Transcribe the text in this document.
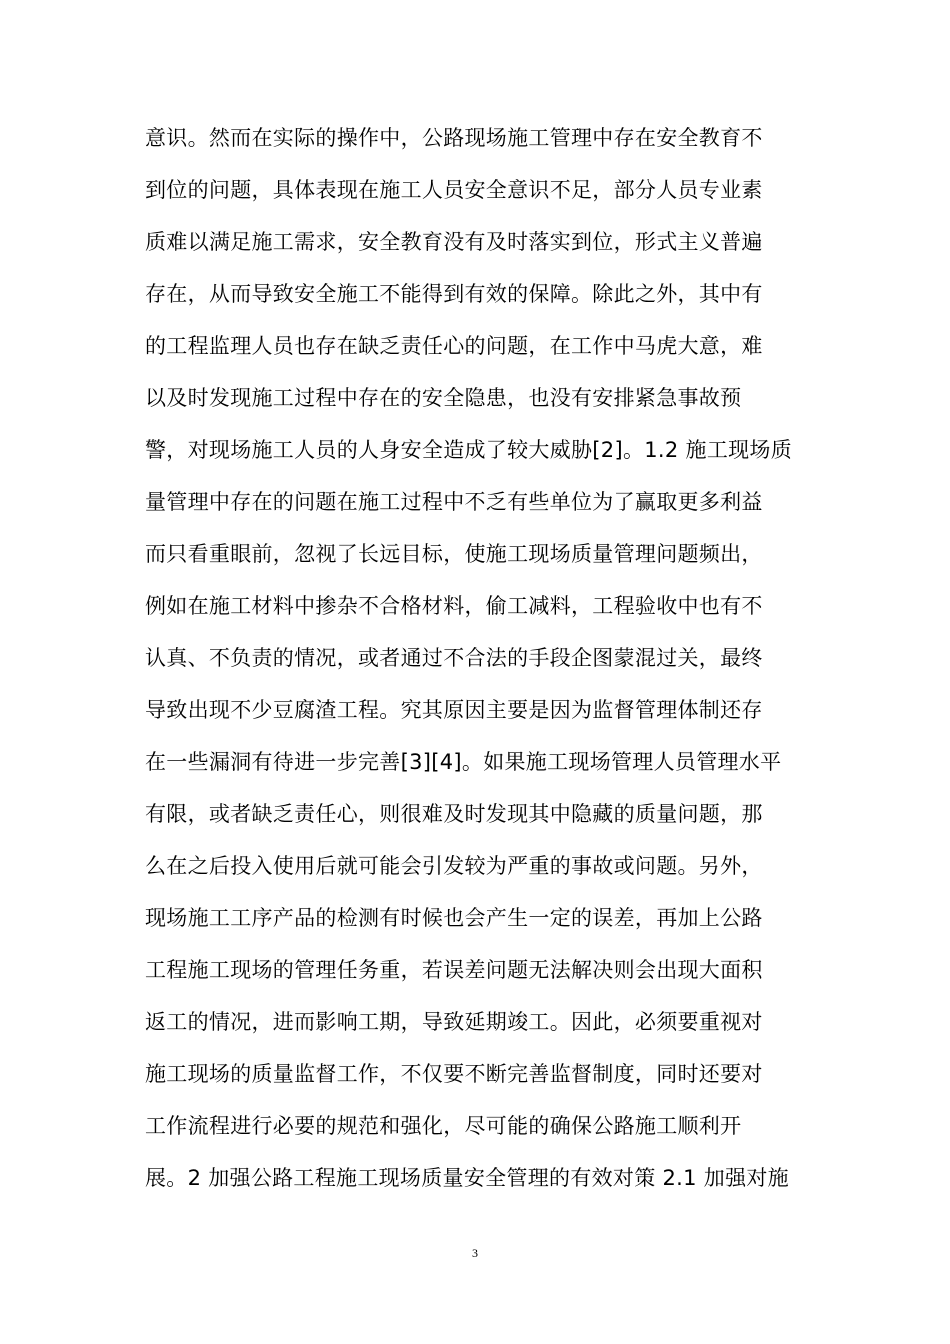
意识。然而在实际的操作中，公路现场施工管理中存在安全教育不
到位的问题，具体表现在施工人员安全意识不足，部分人员专业素
质难以满足施工需求，安全教育没有及时落实到位，形式主义普遍
存在，从而导致安全施工不能得到有效的保障。除此之外，其中有
的工程监理人员也存在缺乏责任心的问题，在工作中马虎大意，难
以及时发现施工过程中存在的安全隐患，也没有安排紧急事故预
警，对现场施工人员的人身安全造成了较大威胁[2]。1.2 施工现场质
量管理中存在的问题在施工过程中不乏有些单位为了赢取更多利益
而只看重眼前，忽视了长远目标，使施工现场质量管理问题频出，
例如在施工材料中掺杂不合格材料，偷工减料，工程验收中也有不
认真、不负责的情况，或者通过不合法的手段企图蒙混过关，最终
导致出现不少豆腐渣工程。究其原因主要是因为监督管理体制还存
在一些漏洞有待进一步完善[3][4]。如果施工现场管理人员管理水平
有限，或者缺乏责任心，则很难及时发现其中隐藏的质量问题，那
么在之后投入使用后就可能会引发较为严重的事故或问题。另外，
现场施工工序产品的检测有时候也会产生一定的误差，再加上公路
工程施工现场的管理任务重，若误差问题无法解决则会出现大面积
返工的情况，进而影响工期，导致延期竣工。因此，必须要重视对
施工现场的质量监督工作，不仅要不断完善监督制度，同时还要对
工作流程进行必要的规范和强化，尽可能的确保公路施工顺利开
展。2 加强公路工程施工现场质量安全管理的有效对策 2.1 加强对施
3
